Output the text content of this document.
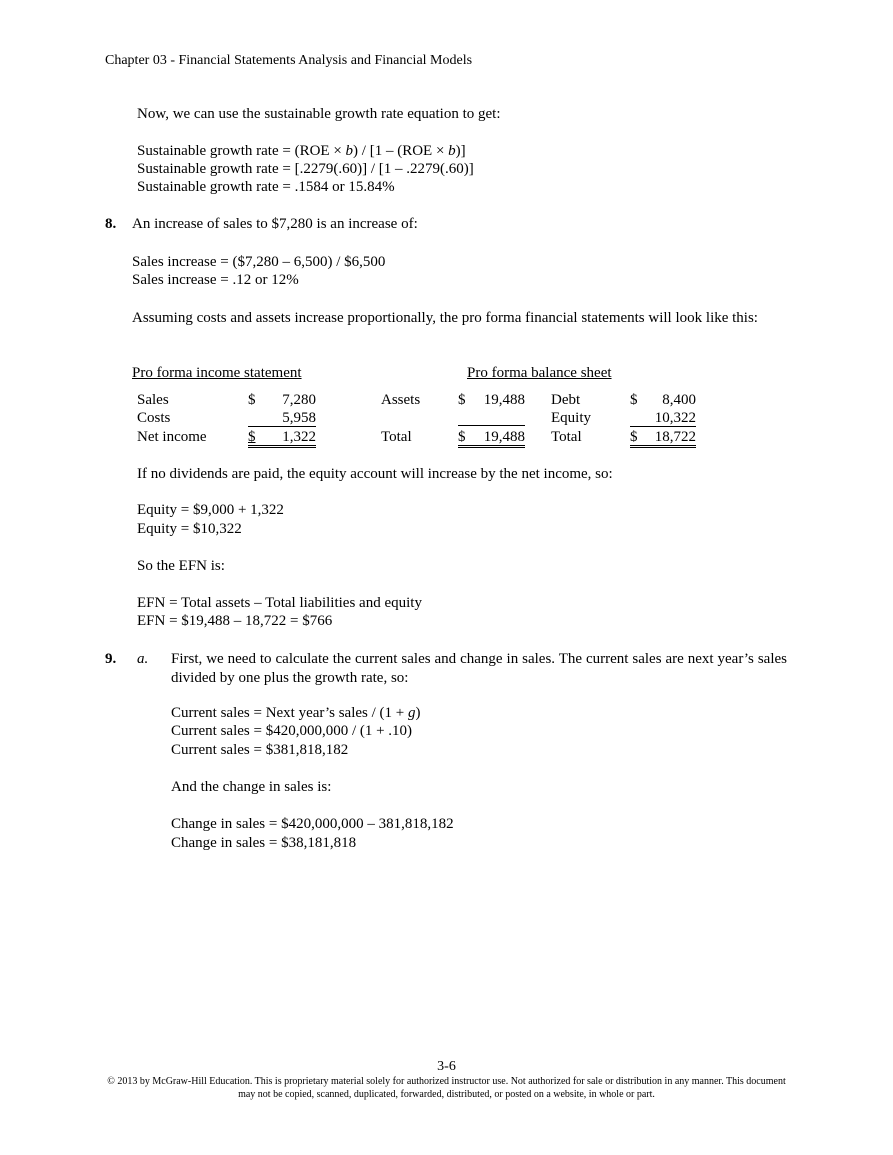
Chapter 03 - Financial Statements Analysis and Financial Models
Now, we can use the sustainable growth rate equation to get:
Sustainable growth rate = (ROE × b) / [1 – (ROE × b)]
Sustainable growth rate = [.2279(.60)] / [1 – .2279(.60)]
Sustainable growth rate = .1584 or 15.84%
8. An increase of sales to $7,280 is an increase of:
Sales increase = ($7,280 – 6,500) / $6,500
Sales increase = .12 or 12%
Assuming costs and assets increase proportionally, the pro forma financial statements will look like this:
Pro forma income statement	Pro forma balance sheet
Sales
Costs
Net income
$ 7,280
5,958
$ 1,322
Assets
Total
$ 19,488
$ 19,488
Debt
Equity
Total
$ 8,400
10,322
$ 18,722
If no dividends are paid, the equity account will increase by the net income, so:
Equity = $9,000 + 1,322
Equity = $10,322
So the EFN is:
EFN = Total assets – Total liabilities and equity
EFN = $19,488 – 18,722 = $766
9. a. First, we need to calculate the current sales and change in sales. The current sales are next year’s sales divided by one plus the growth rate, so:
Current sales = Next year’s sales / (1 + g)
Current sales = $420,000,000 / (1 + .10)
Current sales = $381,818,182
And the change in sales is:
Change in sales = $420,000,000 – 381,818,182
Change in sales = $38,181,818
3-6
© 2013 by McGraw-Hill Education. This is proprietary material solely for authorized instructor use. Not authorized for sale or distribution in any manner. This document may not be copied, scanned, duplicated, forwarded, distributed, or posted on a website, in whole or part.
